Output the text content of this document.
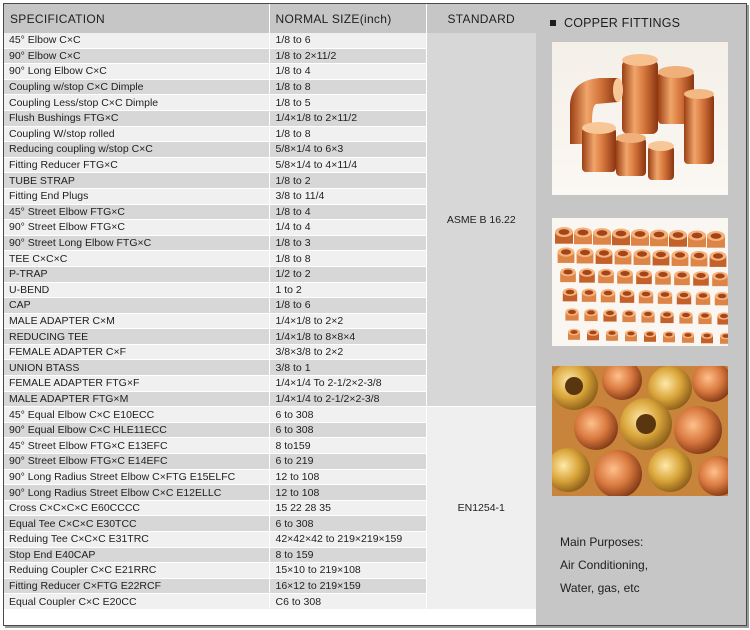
SPECIFICATION	NORMAL SIZE(inch)	STANDARD
45° Elbow C×C	1/8 to 6	ASME B 16.22
90° Elbow C×C	1/8 to 2×11/2	
90° Long Elbow C×C	1/8 to 4	
Coupling w/stop C×C Dimple	1/8 to 8	
Coupling Less/stop C×C Dimple	1/8 to 5	
Flush Bushings FTG×C	1/4×1/8 to 2×11/2	
Coupling W/stop rolled	1/8 to 8	
Reducing coupling w/stop C×C	5/8×1/4 to 6×3	
Fitting Reducer FTG×C	5/8×1/4 to 4×11/4	
TUBE STRAP	1/8 to 2	
Fitting End Plugs	3/8 to 11/4	
45° Street Elbow FTG×C	1/8 to 4	
90° Street Elbow FTG×C	1/4 to 4	
90° Street Long Elbow FTG×C	1/8 to 3	
TEE C×C×C	1/8 to 8	
P-TRAP	1/2 to 2	
U-BEND	1 to 2	
CAP	1/8 to 6	
MALE ADAPTER C×M	1/4×1/8 to 2×2	
REDUCING TEE	1/4×1/8 to 8×8×4	
FEMALE ADAPTER C×F	3/8×3/8 to 2×2	
UNION BTASS	3/8 to 1	
FEMALE ADAPTER FTG×F	1/4×1/4 To 2-1/2×2-3/8	
MALE ADAPTER FTG×M	1/4×1/4 to 2-1/2×2-3/8	
45° Equal Elbow C×C E10ECC	6 to 308	EN1254-1
90° Equal Elbow C×C HLE11ECC	6 to 308	
45° Street Elbow FTG×C E13EFC	8 to159	
90° Street Elbow FTG×C E14EFC	6 to 219	
90° Long Radius Street Elbow C×FTG E15ELFC	12 to 108	
90° Long Radius Street Elbow C×C E12ELLC	12 to 108	
Cross C×C×C×C E60CCCC	15 22 28 35	
Equal Tee C×C×C E30TCC	6 to 308	
Reduing Tee C×C×C E31TRC	42×42×42 to 219×219×159	
Stop End E40CAP	8 to 159	
Reduing Coupler C×C E21RRC	15×10 to 219×108	
Fitting Reducer C×FTG E22RCF	16×12 to 219×159	
Equal Coupler C×C E20CC	C6 to 308	
COPPER FITTINGS
Main Purposes:
Air Conditioning,
Water, gas, etc
